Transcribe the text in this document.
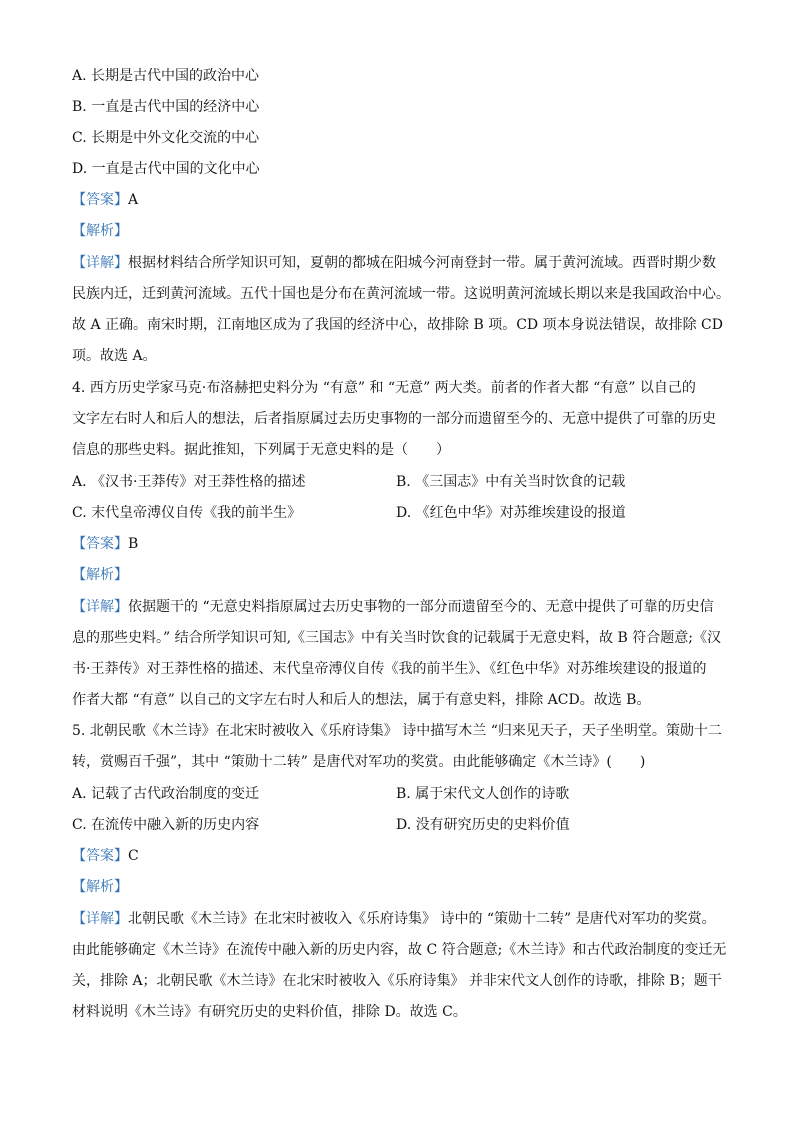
A. 长期是古代中国的政治中心
B. 一直是古代中国的经济中心
C. 长期是中外文化交流的中心
D. 一直是古代中国的文化中心
【答案】A
【解析】
【详解】根据材料结合所学知识可知，夏朝的都城在阳城今河南登封一带。属于黄河流域。西晋时期少数
民族内迁，迁到黄河流域。五代十国也是分布在黄河流域一带。这说明黄河流域长期以来是我国政治中心。
故 A 正确。南宋时期，江南地区成为了我国的经济中心，故排除 B 项。CD 项本身说法错误，故排除 CD
项。故选 A。
4. 西方历史学家马克·布洛赫把史料分为 “有意” 和 “无意” 两大类。前者的作者大都 “有意” 以自己的
文字左右时人和后人的想法，后者指原属过去历史事物的一部分而遗留至今的、无意中提供了可靠的历史
信息的那些史料。据此推知，下列属于无意史料的是（　　）
A. 《汉书·王莽传》对王莽性格的描述	B. 《三国志》中有关当时饮食的记载
C. 末代皇帝溥仪自传《我的前半生》	D. 《红色中华》对苏维埃建设的报道
【答案】B
【解析】
【详解】依据题干的 “无意史料指原属过去历史事物的一部分而遗留至今的、无意中提供了可靠的历史信
息的那些史料。” 结合所学知识可知,《三国志》中有关当时饮食的记载属于无意史料，故 B 符合题意;《汉
书·王莽传》对王莽性格的描述、末代皇帝溥仪自传《我的前半生》、《红色中华》对苏维埃建设的报道的
作者大都 “有意” 以自己的文字左右时人和后人的想法，属于有意史料，排除 ACD。故选 B。
5. 北朝民歌《木兰诗》在北宋时被收入《乐府诗集》 诗中描写木兰 “归来见天子，天子坐明堂。策勋十二
转，赏赐百千强”，其中 “策勋十二转” 是唐代对军功的奖赏。由此能够确定《木兰诗》(　　)
A. 记载了古代政治制度的变迁	B. 属于宋代文人创作的诗歌
C. 在流传中融入新的历史内容	D. 没有研究历史的史料价值
【答案】C
【解析】
【详解】北朝民歌《木兰诗》在北宋时被收入《乐府诗集》 诗中的 “策勋十二转” 是唐代对军功的奖赏。
由此能够确定《木兰诗》在流传中融入新的历史内容，故 C 符合题意;《木兰诗》和古代政治制度的变迁无
关，排除 A；北朝民歌《木兰诗》在北宋时被收入《乐府诗集》 并非宋代文人创作的诗歌，排除 B；题干
材料说明《木兰诗》有研究历史的史料价值，排除 D。故选 C。
